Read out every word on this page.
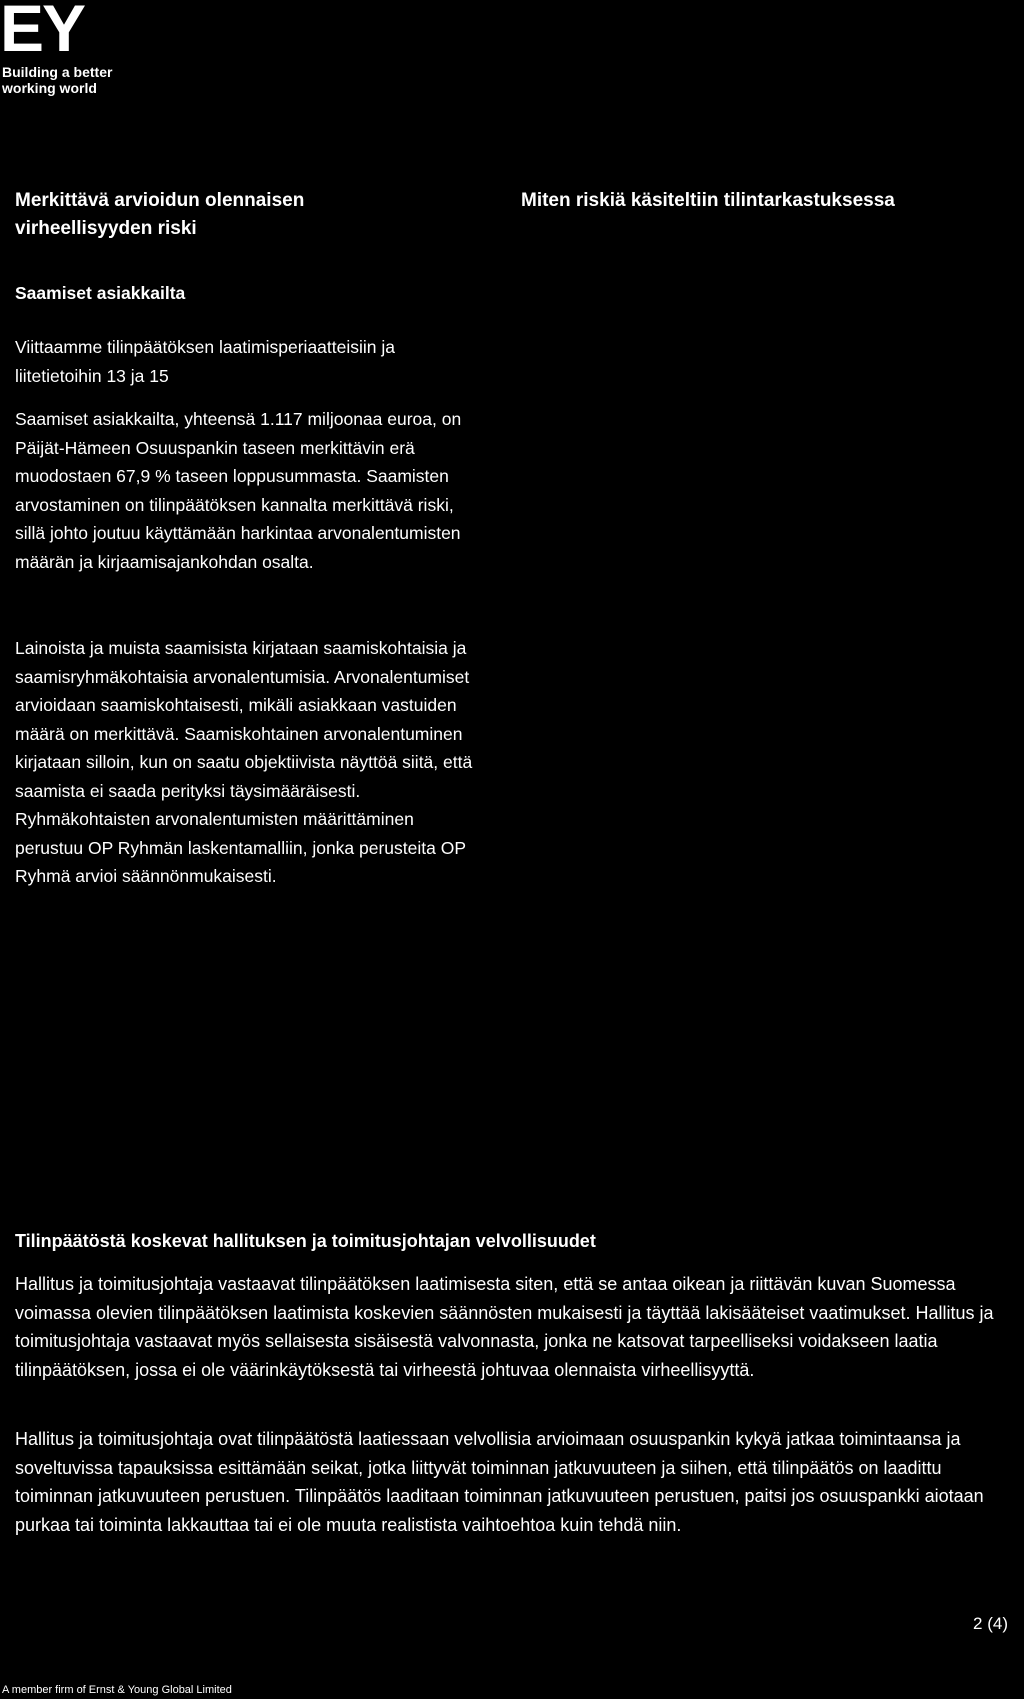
EY
Building a better
working world
Merkittävä arvioidun olennaisen
virheellisyyden riski
Miten riskiä käsiteltiin tilintarkastuksessa
Saamiset asiakkailta
Viittaamme tilinpäätöksen laatimisperiaatteisiin ja liitetietoihin 13 ja 15
Saamiset asiakkailta, yhteensä 1.117 miljoonaa euroa, on Päijät-Hämeen Osuuspankin taseen merkittävin erä muodostaen 67,9 % taseen loppusummasta. Saamisten arvostaminen on tilinpäätöksen kannalta merkittävä riski, sillä johto joutuu käyttämään harkintaa arvonalentumisten määrän ja kirjaamisajankohdan osalta.
Lainoista ja muista saamisista kirjataan saamiskohtaisia ja saamisryhmäkohtaisia arvonalentumisia. Arvonalentumiset arvioidaan saamiskohtaisesti, mikäli asiakkaan vastuiden määrä on merkittävä. Saamiskohtainen arvonalentuminen kirjataan silloin, kun on saatu objektiivista näyttöä siitä, että saamista ei saada perityksi täysimääräisesti. Ryhmäkohtaisten arvonalentumisten määrittäminen perustuu OP Ryhmän laskentamalliin, jonka perusteita OP Ryhmä arvioi säännönmukaisesti.
Tilinpäätöstä koskevat hallituksen ja toimitusjohtajan velvollisuudet
Hallitus ja toimitusjohtaja vastaavat tilinpäätöksen laatimisesta siten, että se antaa oikean ja riittävän kuvan Suomessa voimassa olevien tilinpäätöksen laatimista koskevien säännösten mukaisesti ja täyttää lakisääteiset vaatimukset. Hallitus ja toimitusjohtaja vastaavat myös sellaisesta sisäisestä valvonnasta, jonka ne katsovat tarpeelliseksi voidakseen laatia tilinpäätöksen, jossa ei ole väärinkäytöksestä tai virheestä johtuvaa olennaista virheellisyyttä.
Hallitus ja toimitusjohtaja ovat tilinpäätöstä laatiessaan velvollisia arvioimaan osuuspankin kykyä jatkaa toimintaansa ja soveltuvissa tapauksissa esittämään seikat, jotka liittyvät toiminnan jatkuvuuteen ja siihen, että tilinpäätös on laadittu toiminnan jatkuvuuteen perustuen. Tilinpäätös laaditaan toiminnan jatkuvuuteen perustuen, paitsi jos osuuspankki aiotaan purkaa tai toiminta lakkauttaa tai ei ole muuta realistista vaihtoehtoa kuin tehdä niin.
2 (4)
A member firm of Ernst & Young Global Limited
